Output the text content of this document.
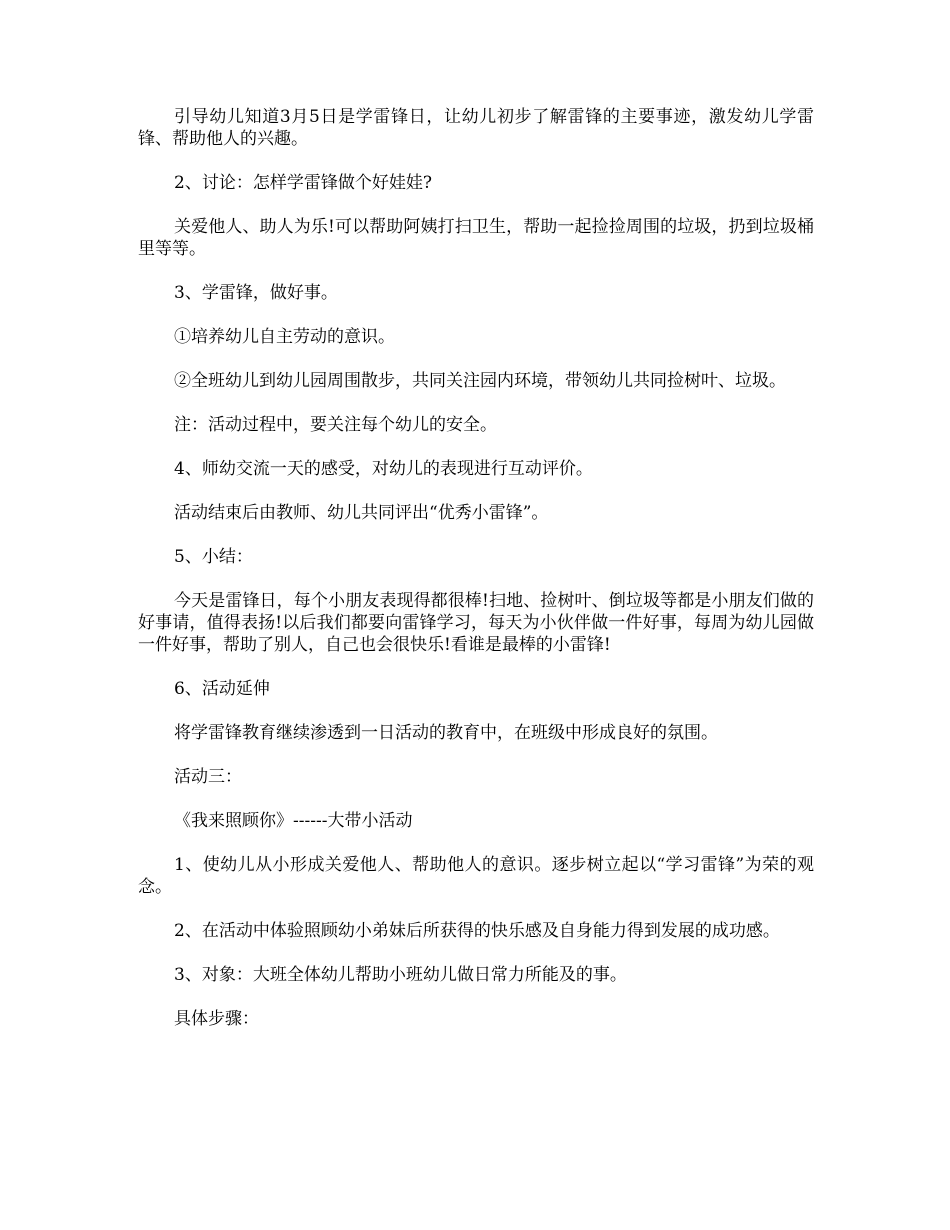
引导幼儿知道3月5日是学雷锋日，让幼儿初步了解雷锋的主要事迹，激发幼儿学雷锋、帮助他人的兴趣。

2、讨论：怎样学雷锋做个好娃娃?

关爱他人、助人为乐!可以帮助阿姨打扫卫生，帮助一起捡捡周围的垃圾，扔到垃圾桶里等等。

3、学雷锋，做好事。

①培养幼儿自主劳动的意识。

②全班幼儿到幼儿园周围散步，共同关注园内环境，带领幼儿共同捡树叶、垃圾。

注：活动过程中，要关注每个幼儿的安全。

4、师幼交流一天的感受，对幼儿的表现进行互动评价。

活动结束后由教师、幼儿共同评出“优秀小雷锋”。

5、小结：

今天是雷锋日，每个小朋友表现得都很棒!扫地、捡树叶、倒垃圾等都是小朋友们做的好事请，值得表扬!以后我们都要向雷锋学习，每天为小伙伴做一件好事，每周为幼儿园做一件好事，帮助了别人，自己也会很快乐!看谁是最棒的小雷锋!

6、活动延伸

将学雷锋教育继续渗透到一日活动的教育中，在班级中形成良好的氛围。

活动三：

《我来照顾你》------大带小活动

1、使幼儿从小形成关爱他人、帮助他人的意识。逐步树立起以“学习雷锋”为荣的观念。

2、在活动中体验照顾幼小弟妹后所获得的快乐感及自身能力得到发展的成功感。

3、对象：大班全体幼儿帮助小班幼儿做日常力所能及的事。

具体步骤：
